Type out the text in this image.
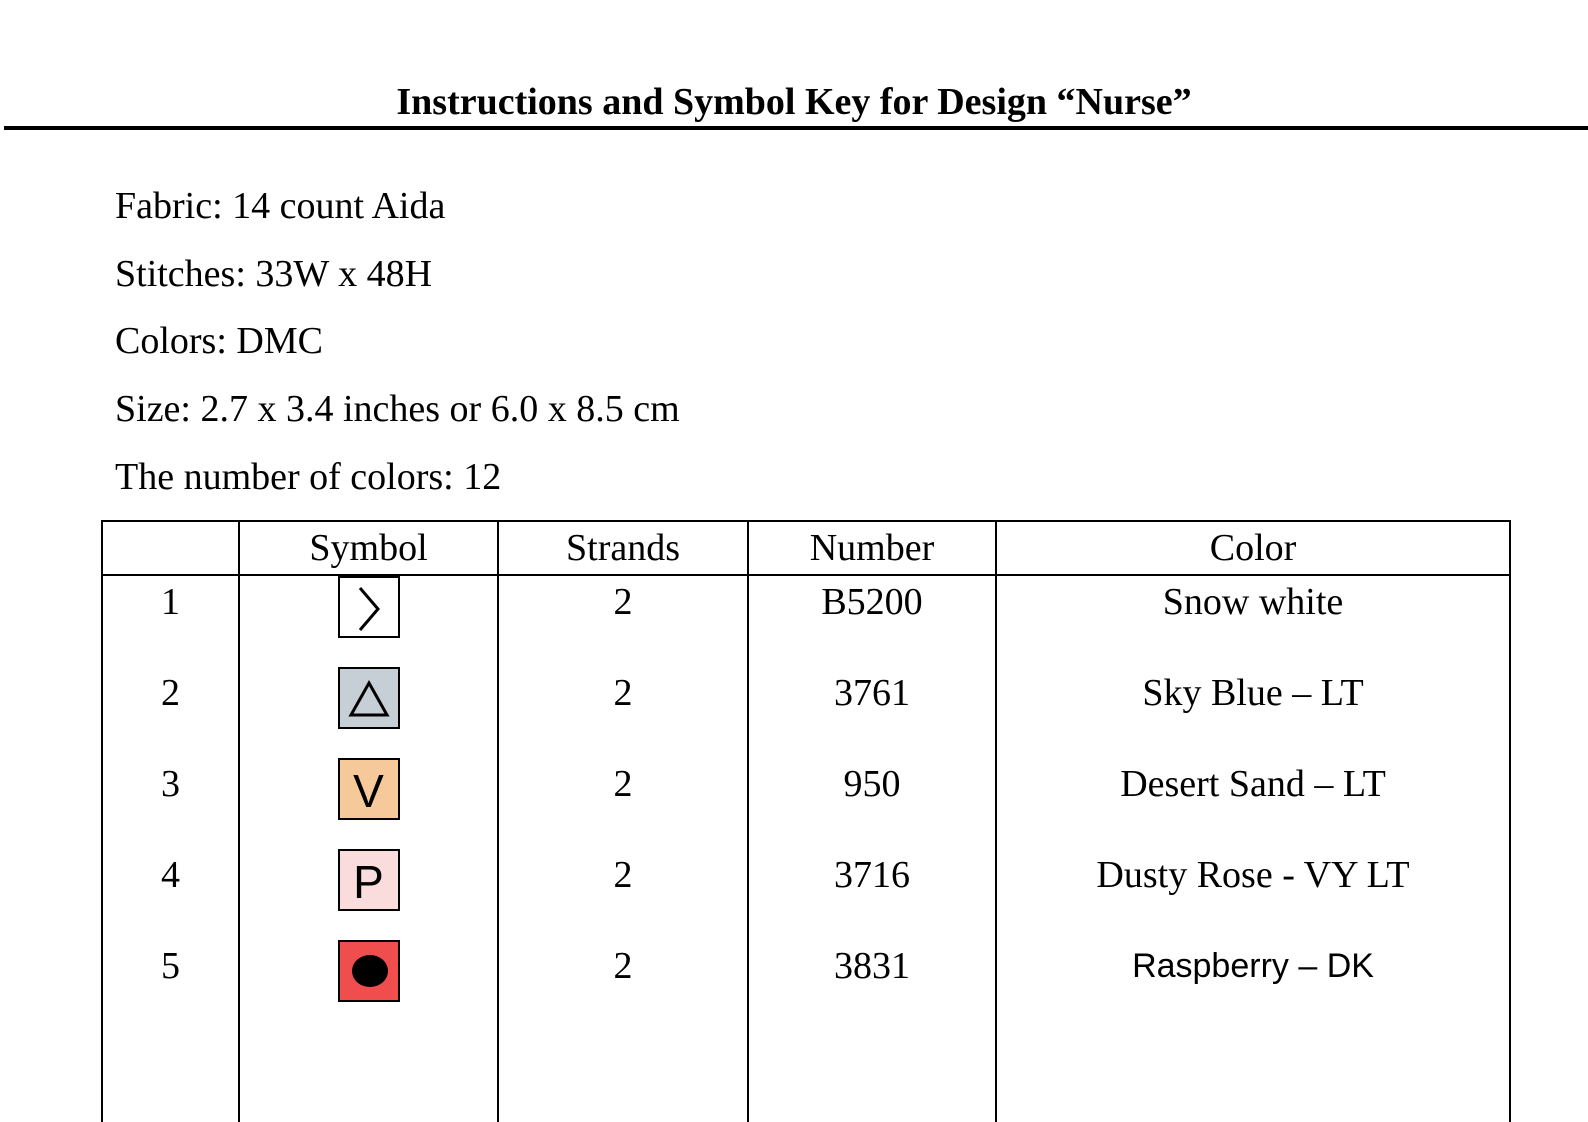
Instructions and Symbol Key for Design “Nurse”
Fabric: 14 count Aida
Stitches: 33W x 48H
Colors: DMC
Size: 2.7 x 3.4 inches or 6.0 x 8.5 cm
The number of colors: 12
	Symbol	Strands	Number	Color
1		2	B5200	Snow white
2		2	3761	Sky Blue – LT
3	V	2	950	Desert Sand – LT
4	P	2	3716	Dusty Rose - VY LT
5		2	3831	Raspberry – DK
